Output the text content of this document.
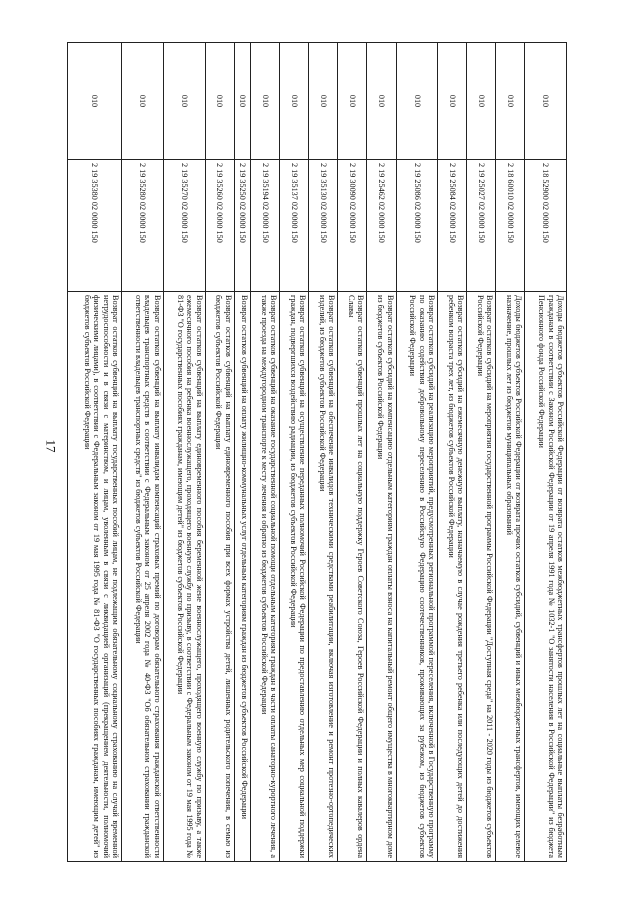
17
010	2 18 52900 02 0000 150	Доходы бюджетов субъектов Российской Федерации от возврата остатков межбюджетных трансфертов прошлых лет на социальные выплаты безработным гражданам в соответствии с Законом Российской Федерации от 19 апреля 1991 года № 1032-1 "О занятости населения в Российской Федерации" из бюджета Пенсионного фонда Российской Федерации
010	2 18 60010 02 0000 150	Доходы бюджетов субъектов Российской Федерации от возврата прочих остатков субсидий, субвенций и иных межбюджетных трансфертов, имеющих целевое назначение, прошлых лет из бюджетов муниципальных образований
010	2 19 25027 02 0000 150	Возврат остатков субсидий на мероприятия государственной программы Российской Федерации "Доступная среда" на 2011 - 2020 годы из бюджетов субъектов Российской Федерации
010	2 19 25084 02 0000 150	Возврат остатков субсидий на ежемесячную денежную выплату, назначаемую в случае рождения третьего ребенка или последующих детей до достижения ребенком возраста трех лет, из бюджетов субъектов Российской Федерации
010	2 19 25086 02 0000 150	Возврат остатков субсидий на реализацию мероприятий, предусмотренных региональной программой переселения, включенной в Государственную программу по оказанию содействия добровольному переселению в Российскую Федерацию соотечественников, проживающих за рубежом, из бюджетов субъектов Российской Федерации
010	2 19 25462 02 0000 150	Возврат остатков субсидий на компенсацию отдельным категориям граждан оплаты взноса на капитальный ремонт общего имущества в многоквартирном доме из бюджетов субъектов Российской Федерации
010	2 19 30090 02 0000 150	Возврат остатков субвенций прошлых лет на социальную поддержку Героев Советского Союза, Героев Российской Федерации и полных кавалеров ордена Славы
010	2 19 35130 02 0000 150	Возврат остатков субвенций на обеспечение инвалидов техническими средствами реабилитации, включая изготовление и ремонт протезно-ортопедических изделий, из бюджетов субъектов Российской Федерации
010	2 19 35137 02 0000 150	Возврат остатков субвенций на осуществление переданных полномочий Российской Федерации по предоставлению отдельных мер социальной поддержки граждан, подвергшихся воздействию радиации, из бюджетов субъектов Российской Федерации
010	2 19 35194 02 0000 150	Возврат остатков субвенций на оказание государственной социальной помощи отдельным категориям граждан в части оплаты санаторно-курортного лечения, а также проезда на междугородном транспорте к месту лечения и обратно из бюджетов субъектов Российской Федерации
010	2 19 35250 02 0000 150	Возврат остатков субвенций на оплату жилищно-коммунальных услуг отдельным категориям граждан из бюджетов субъектов Российской Федерации
010	2 19 35260 02 0000 150	Возврат остатков субвенций на выплату единовременного пособия при всех формах устройства детей, лишенных родительского попечения, в семью из бюджетов субъектов Российской Федерации
010	2 19 35270 02 0000 150	Возврат остатков субвенций на выплату единовременного пособия беременной жене военнослужащего, проходящего военную службу по призыву, а также ежемесячного пособия на ребенка военнослужащего, проходящего военную службу по призыву, в соответствии с Федеральным законом от 19 мая 1995 года № 81-ФЗ "О государственных пособиях гражданам, имеющим детей" из бюджетов субъектов Российской Федерации
010	2 19 35280 02 0000 150	Возврат остатков субвенций на выплату инвалидам компенсаций страховых премий по договорам обязательного страхования гражданской ответственности владельцев транспортных средств в соответствии с Федеральным законом от 25 апреля 2002 года № 40-ФЗ "Об обязательном страховании гражданской ответственности владельцев транспортных средств" из бюджетов субъектов Российской Федерации
010	2 19 35380 02 0000 150	Возврат остатков субвенций на выплату государственных пособий лицам, не подлежащим обязательному социальному страхованию на случай временной нетрудоспособности и в связи с материнством, и лицам, уволенным в связи с ликвидацией организаций (прекращением деятельности, полномочий физическими лицами), в соответствии с Федеральным законом от 19 мая 1995 года № 81-ФЗ "О государственных пособиях гражданам, имеющим детей" из бюджетов субъектов Российской Федерации
